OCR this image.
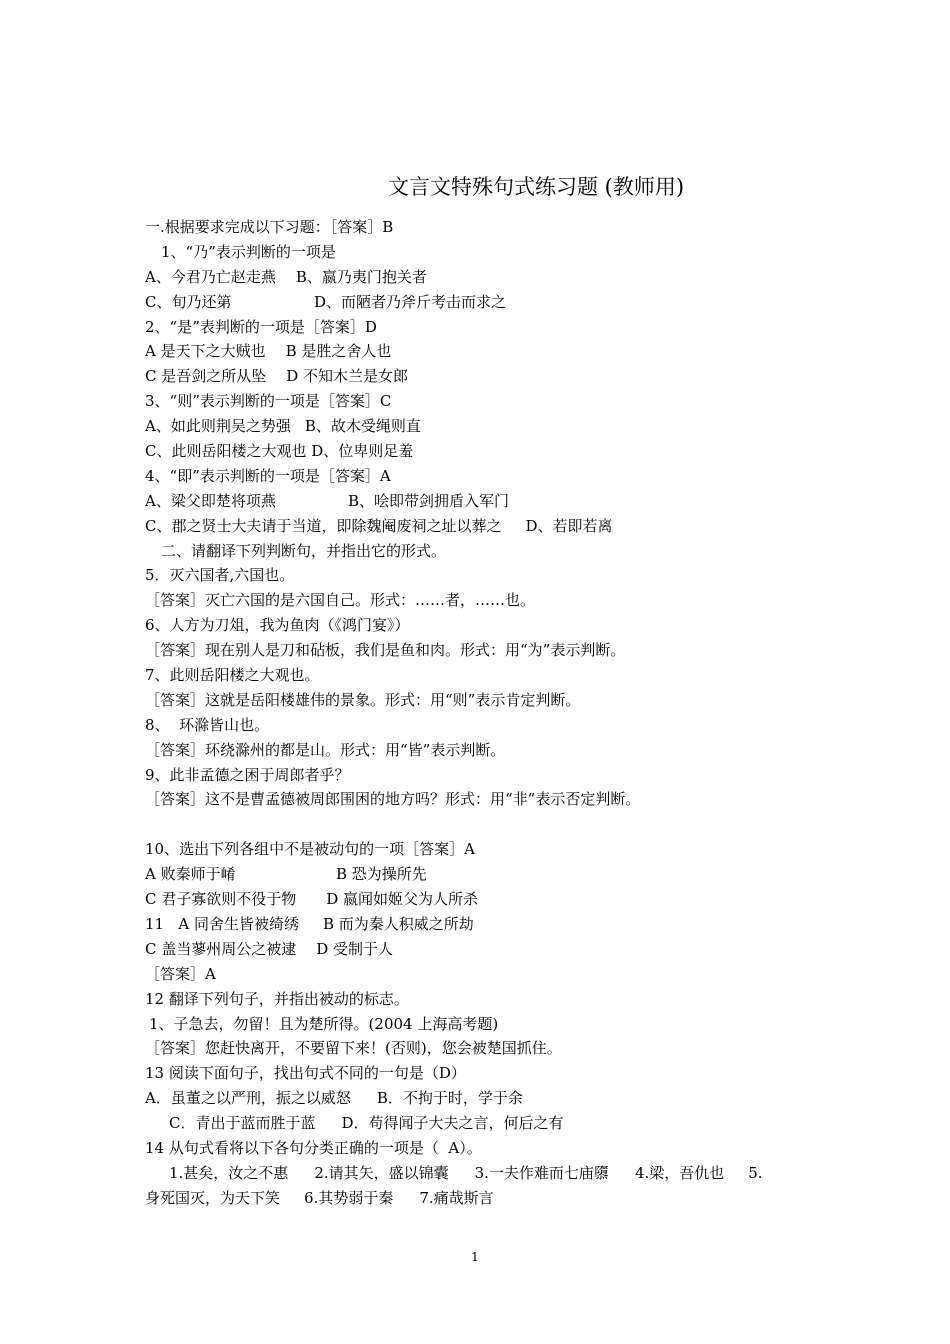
文言文特殊句式练习题 (教师用)
一.根据要求完成以下习题：［答案］B
1、“乃”表示判断的一项是
A、今君乃亡赵走燕 B、嬴乃夷门抱关者
C、旬乃还第	D、而陋者乃斧斤考击而求之
2、“是”表判断的一项是［答案］D
A 是天下之大贼也 B 是胜之舍人也
C 是吾剑之所从坠 D 不知木兰是女郎
3、“则”表示判断的一项是［答案］C
A、如此则荆吴之势强 B、故木受绳则直
C、此则岳阳楼之大观也 D、位卑则足羞
4、“即”表示判断的一项是［答案］A
A、梁父即楚将项燕	B、哙即带剑拥盾入军门
C、郡之贤士大夫请于当道，即除魏阉废祠之址以葬之 D、若即若离
二、请翻译下列判断句，并指出它的形式。
5．灭六国者,六国也。
［答案］灭亡六国的是六国自己。形式：……者，……也。
6、人方为刀俎，我为鱼肉（《鸿门宴》）
［答案］现在别人是刀和砧板，我们是鱼和肉。形式：用“为”表示判断。
7、此则岳阳楼之大观也。
［答案］这就是岳阳楼雄伟的景象。形式：用“则”表示肯定判断。
8、  环滁皆山也。
［答案］环绕滁州的都是山。形式：用“皆”表示判断。
9、此非孟德之困于周郎者乎？
［答案］这不是曹孟德被周郎围困的地方吗？形式：用“非”表示否定判断。
10、选出下列各组中不是被动句的一项［答案］A
A 败秦师于崤	B 恐为操所先
C 君子寡欲则不役于物 D 嬴闻如姬父为人所杀
11   A 同舍生皆被绮绣 B 而为秦人积威之所劫
C 盖当蓼州周公之被逮 D 受制于人
［答案］A
12 翻译下列句子，并指出被动的标志。
1、子急去，勿留！且为楚所得。(2004 上海高考题)
［答案］您赶快离开，不要留下来！(否则)，您会被楚国抓住。
13 阅读下面句子，找出句式不同的一句是（D）
A．虽董之以严刑，振之以威怒 B．不拘于时，学于余
C．青出于蓝而胜于蓝 D．苟得闻子大夫之言，何后之有
14 从句式看将以下各句分类正确的一项是（  A）。
1.甚矣，汝之不惠 2.请其矢，盛以锦囊 3.一夫作难而七庙隳 4.梁，吾仇也 5.
身死国灭，为天下笑 6.其势弱于秦 7.痛哉斯言
1
